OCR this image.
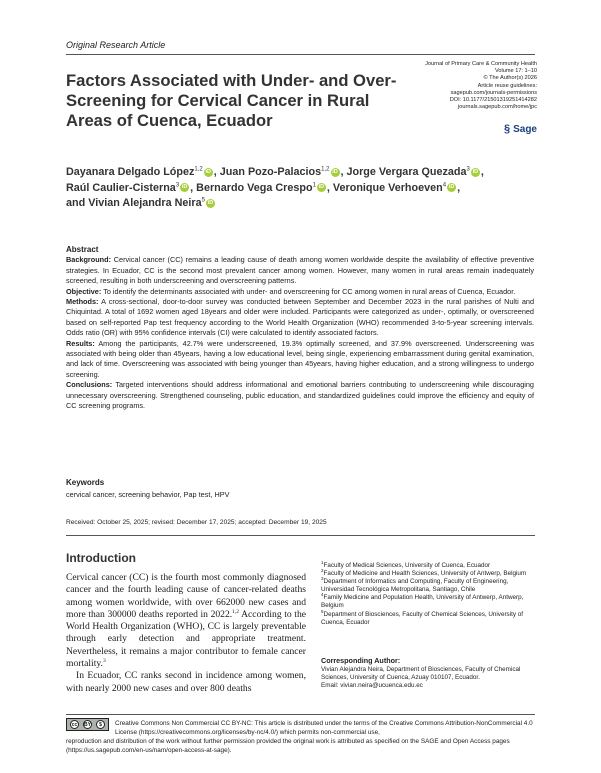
Original Research Article
Factors Associated with Under- and Over-Screening for Cervical Cancer in Rural Areas of Cuenca, Ecuador
Journal of Primary Care & Community Health
Volume 17: 1–10
© The Author(s) 2026
Article reuse guidelines:
sagepub.com/journals-permissions
DOI: 10.1177/21501319251414282
journals.sagepub.com/home/jpc
§ Sage
Dayanara Delgado López$^{1,2}$ iD , Juan Pozo-Palacios$^{1,2}$ iD , Jorge Vergara Quezada$^3$ iD ,
Raúl Caulier-Cisterna$^3$ iD , Bernardo Vega Crespo$^1$ iD , Veronique Verhoeven$^4$ iD ,
and Vivian Alejandra Neira$^5$ iD
Abstract

Background: Cervical cancer (CC) remains a leading cause of death among women worldwide despite the availability of effective preventive strategies. In Ecuador, CC is the second most prevalent cancer among women. However, many women in rural areas remain inadequately screened, resulting in both underscreening and overscreening patterns.

Objective: To identify the determinants associated with under- and overscreening for CC among women in rural areas of Cuenca, Ecuador.

Methods: A cross-sectional, door-to-door survey was conducted between September and December 2023 in the rural parishes of Nulti and Chiquintad. A total of 1692 women aged 18years and older were included. Participants were categorized as under-, optimally, or overscreened based on self-reported Pap test frequency according to the World Health Organization (WHO) recommended 3-to-5-year screening intervals. Odds ratio (OR) with 95% confidence intervals (CI) were calculated to identify associated factors.

Results: Among the participants, 42.7% were underscreened, 19.3% optimally screened, and 37.9% overscreened. Underscreening was associated with being older than 45years, having a low educational level, being single, experiencing embarrassment during genital examination, and lack of time. Overscreening was associated with being younger than 45years, having higher education, and a strong willingness to undergo screening.

Conclusions: Targeted interventions should address informational and emotional barriers contributing to underscreening while discouraging unnecessary overscreening. Strengthened counseling, public education, and standardized guidelines could improve the efficiency and equity of CC screening programs.

Keywords
cervical cancer, screening behavior, Pap test, HPV
Received: October 25, 2025; revised: December 17, 2025; accepted: December 19, 2025
Introduction

Cervical cancer (CC) is the fourth most commonly diagnosed cancer and the fourth leading cause of cancer-related deaths among women worldwide, with over 662000 new cases and more than 300000 deaths reported in 2022.$^{1,2}$ According to the World Health Organization (WHO), CC is largely preventable through early detection and appropriate treatment. Nevertheless, it remains a major contributor to female cancer mortality.$^3$

In Ecuador, CC ranks second in incidence among women, with nearly 2000 new cases and over 800 deaths

$^1$Faculty of Medical Sciences, University of Cuenca, Ecuador
$^2$Faculty of Medicine and Health Sciences, University of Antwerp, Belgium
$^3$Department of Informatics and Computing, Faculty of Engineering, Universidad Tecnológica Metropolitana, Santiago, Chile
$^4$Family Medicine and Population Health, University of Antwerp, Antwerp, Belgium
$^5$Department of Biosciences, Faculty of Chemical Sciences, University of Cuenca, Ecuador
Corresponding Author:
Vivian Alejandra Neira, Department of Biosciences, Faculty of Chemical Sciences, University of Cuenca, Azuay 010107, Ecuador.
Email: vivian.neira@ucuenca.edu.ec
cc	BY	$	Creative Commons Non Commercial CC BY-NC: This article is distributed under the terms of the Creative Commons Attribution-NonCommercial 4.0 License (https://creativecommons.org/licenses/by-nc/4.0/) which permits non-commercial use,
reproduction and distribution of the work without further permission provided the original work is attributed as specified on the SAGE and Open Access pages (https://us.sagepub.com/en-us/nam/open-access-at-sage).
